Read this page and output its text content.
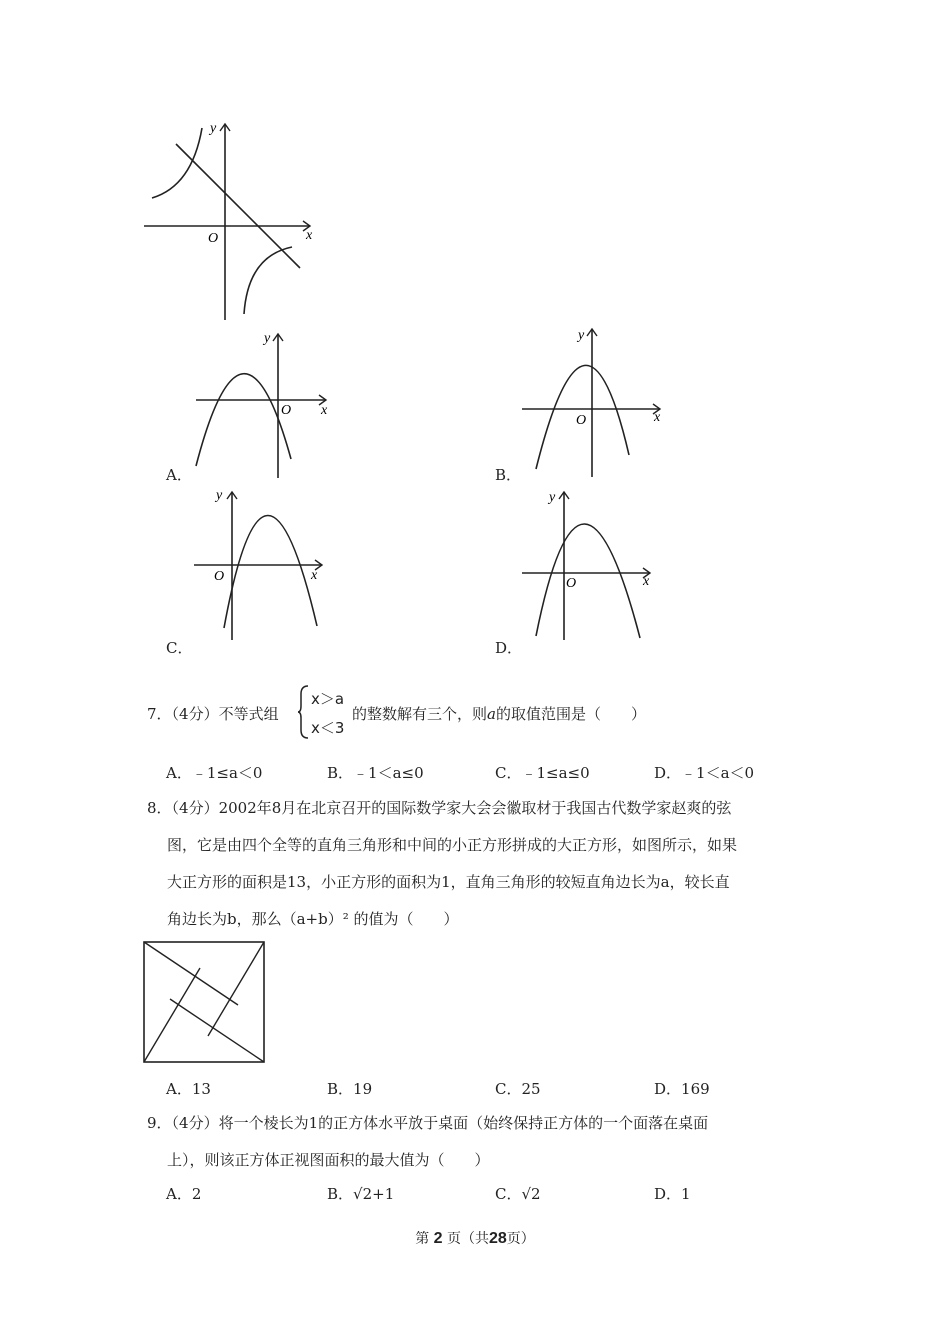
x
y
O
x
y
O
A．
x
y
O
B．
x
y
O
C．
x
y
O
D．
7．（4分）不等式组
x＞a
x＜3
的整数解有三个，则a的取值范围是（　　）
A．﹣1≤a＜0	B．﹣1＜a≤0	C．﹣1≤a≤0	D．﹣1＜a＜0
8．（4分）2002年8月在北京召开的国际数学家大会会徽取材于我国古代数学家赵爽的弦
图，它是由四个全等的直角三角形和中间的小正方形拼成的大正方形，如图所示，如果
大正方形的面积是13，小正方形的面积为1，直角三角形的较短直角边长为a，较长直
角边长为b，那么（a+b）² 的值为（　　）
A．13	B．19	C．25	D．169
9．（4分）将一个棱长为1的正方体水平放于桌面（始终保持正方体的一个面落在桌面
上），则该正方体正视图面积的最大值为（　　）
A．2	B．√2+1	C．√2	D．1
第 2 页（共28页）
